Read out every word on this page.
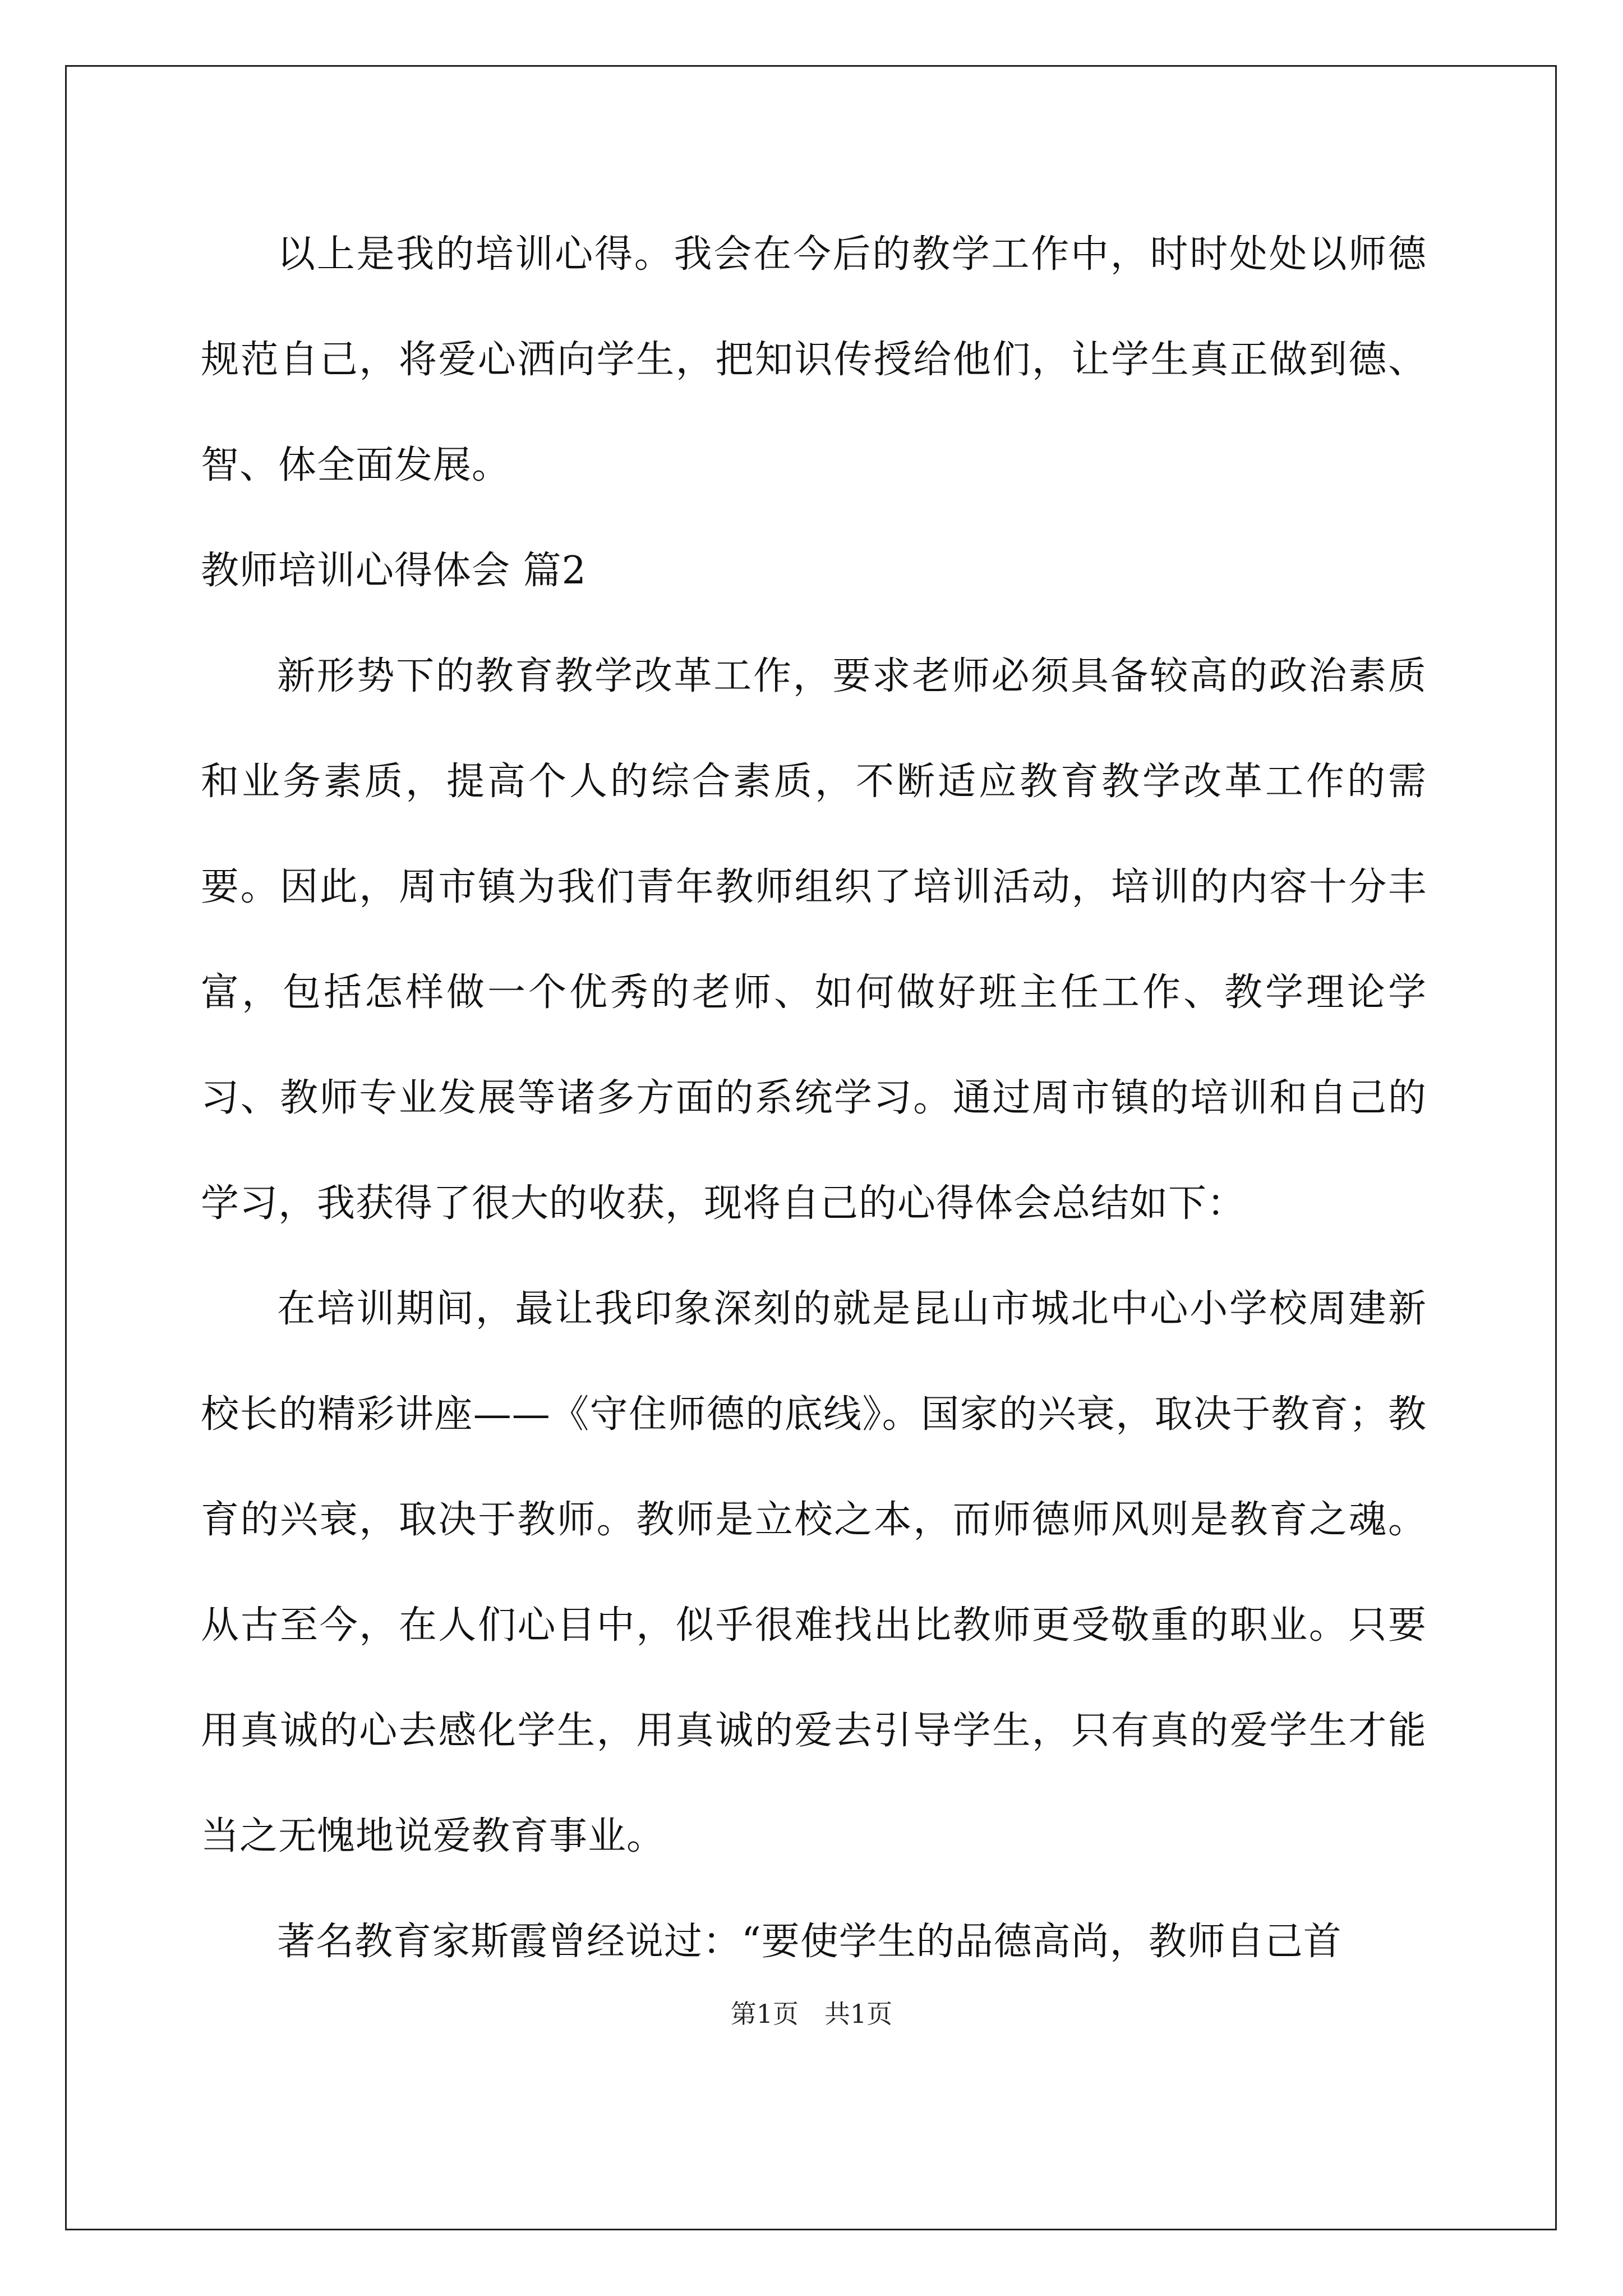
以上是我的培训心得。我会在今后的教学工作中，时时处处以师德规范自己，将爱心洒向学生，把知识传授给他们，让学生真正做到德、智、体全面发展。

教师培训心得体会 篇2

新形势下的教育教学改革工作，要求老师必须具备较高的政治素质和业务素质，提高个人的综合素质，不断适应教育教学改革工作的需要。因此，周市镇为我们青年教师组织了培训活动，培训的内容十分丰富，包括怎样做一个优秀的老师、如何做好班主任工作、教学理论学习、教师专业发展等诸多方面的系统学习。通过周市镇的培训和自己的学习，我获得了很大的收获，现将自己的心得体会总结如下：

在培训期间，最让我印象深刻的就是昆山市城北中心小学校周建新校长的精彩讲座——《守住师德的底线》。国家的兴衰，取决于教育；教育的兴衰，取决于教师。教师是立校之本，而师德师风则是教育之魂。从古至今，在人们心目中，似乎很难找出比教师更受敬重的职业。只要用真诚的心去感化学生，用真诚的爱去引导学生，只有真的爱学生才能当之无愧地说爱教育事业。

著名教育家斯霞曾经说过：“要使学生的品德高尚，教师自己首

第1页　共1页
